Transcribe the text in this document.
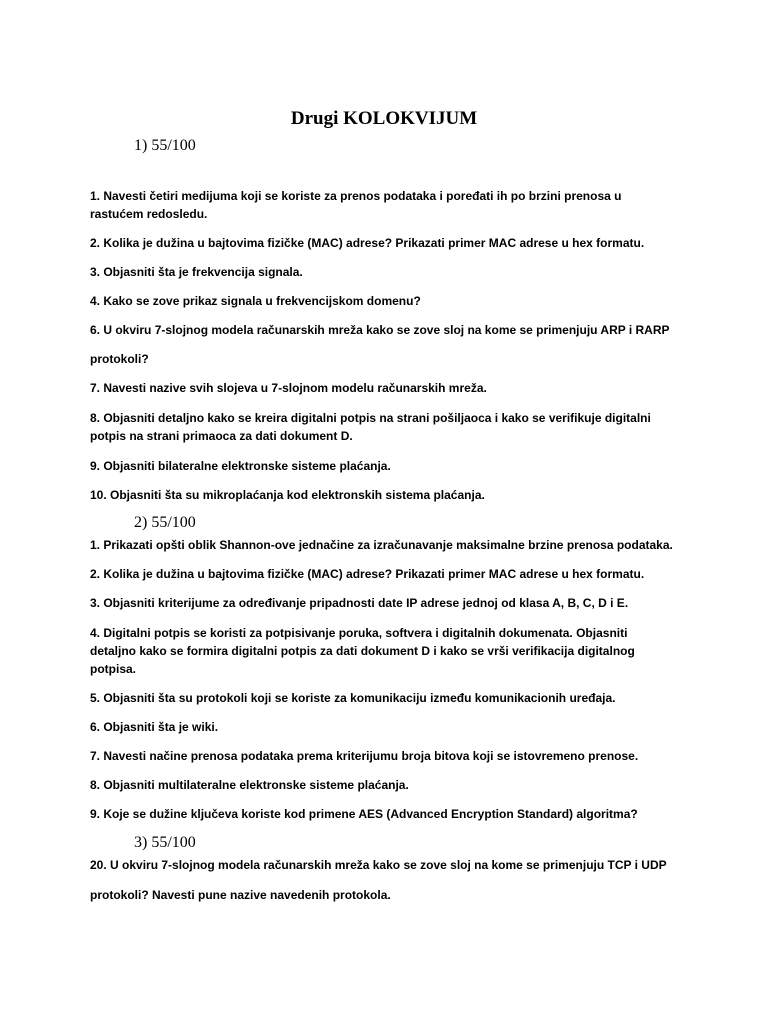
Drugi KOLOKVIJUM
1) 55/100
1. Navesti četiri medijuma koji se koriste za prenos podataka i poređati ih po brzini prenosa u rastućem redosledu.
2. Kolika je dužina u bajtovima fizičke (MAC) adrese? Prikazati primer MAC adrese u hex formatu.
3. Objasniti šta je frekvencija signala.
4. Kako se zove prikaz signala u frekvencijskom domenu?
6. U okviru 7-slojnog modela računarskih mreža kako se zove sloj na kome se primenjuju ARP i RARP
protokoli?
7. Navesti nazive svih slojeva u 7-slojnom modelu računarskih mreža.
8. Objasniti detaljno kako se kreira digitalni potpis na strani pošiljaoca i kako se verifikuje digitalni potpis na strani primaoca za dati dokument D.
9. Objasniti bilateralne elektronske sisteme plaćanja.
10. Objasniti šta su mikroplaćanja kod elektronskih sistema plaćanja.
2) 55/100
1. Prikazati opšti oblik Shannon-ove jednačine za izračunavanje maksimalne brzine prenosa podataka.
2. Kolika je dužina u bajtovima fizičke (MAC) adrese? Prikazati primer MAC adrese u hex formatu.
3. Objasniti kriterijume za određivanje pripadnosti date IP adrese jednoj od klasa A, B, C, D i E.
4. Digitalni potpis se koristi za potpisivanje poruka, softvera i digitalnih dokumenata. Objasniti detaljno kako se formira digitalni potpis za dati dokument D i kako se vrši verifikacija digitalnog potpisa.
5. Objasniti šta su protokoli koji se koriste za komunikaciju između komunikacionih uređaja.
6. Objasniti šta je wiki.
7. Navesti načine prenosa podataka prema kriterijumu broja bitova koji se istovremeno prenose.
8. Objasniti multilateralne elektronske sisteme plaćanja.
9. Koje se dužine ključeva koriste kod primene AES (Advanced Encryption Standard) algoritma?
3) 55/100
20. U okviru 7-slojnog modela računarskih mreža kako se zove sloj na kome se primenjuju TCP i UDP
protokoli? Navesti pune nazive navedenih protokola.
